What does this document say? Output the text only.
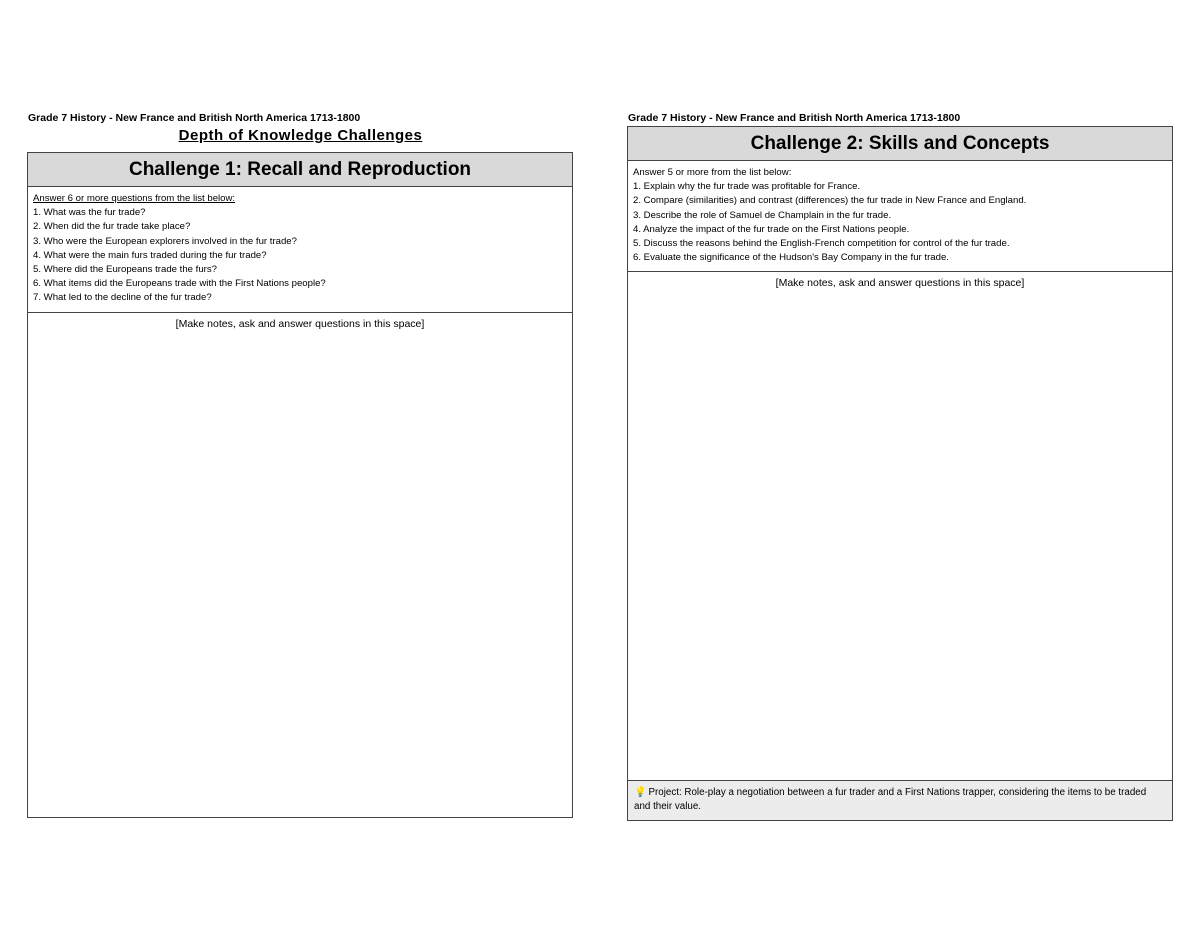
Grade 7 History - New France and British North America 1713-1800
Depth of Knowledge Challenges
Challenge 1: Recall and Reproduction
Answer 6 or more questions from the list below:
1. What was the fur trade?
2. When did the fur trade take place?
3. Who were the European explorers involved in the fur trade?
4. What were the main furs traded during the fur trade?
5. Where did the Europeans trade the furs?
6. What items did the Europeans trade with the First Nations people?
7. What led to the decline of the fur trade?
[Make notes, ask and answer questions in this space]
Grade 7 History - New France and British North America 1713-1800
Challenge 2: Skills and Concepts
Answer 5 or more from the list below:
1. Explain why the fur trade was profitable for France.
2. Compare (similarities) and contrast (differences) the fur trade in New France and England.
3. Describe the role of Samuel de Champlain in the fur trade.
4. Analyze the impact of the fur trade on the First Nations people.
5. Discuss the reasons behind the English-French competition for control of the fur trade.
6. Evaluate the significance of the Hudson's Bay Company in the fur trade.
[Make notes, ask and answer questions in this space]
💡 Project: Role-play a negotiation between a fur trader and a First Nations trapper, considering the items to be traded and their value.
